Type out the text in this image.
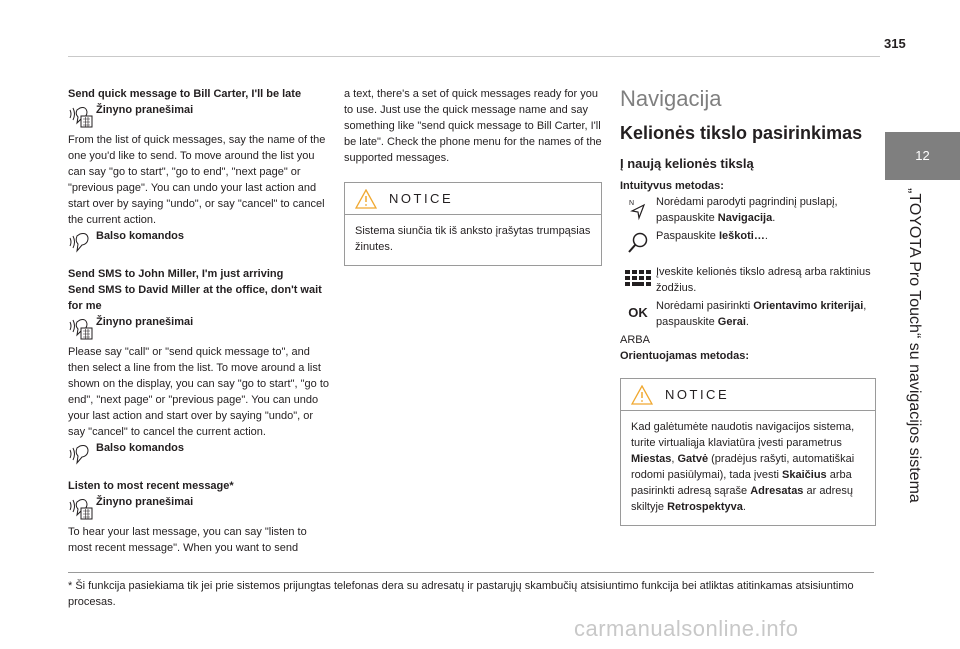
315
12
„TOYOTA Pro Touch“ su navigacijos sistema
Send quick message to Bill Carter, I'll be late
Žinyno pranešimai
From the list of quick messages, say the name of the one you'd like to send. To move around the list you can say "go to start", "go to end", "next page" or "previous page". You can undo your last action and start over by saying "undo", or say "cancel" to cancel the current action.
Balso komandos
Send SMS to John Miller, I'm just arriving
Send SMS to David Miller at the office, don't wait for me
Žinyno pranešimai
Please say "call" or "send quick message to", and then select a line from the list. To move around a list shown on the display, you can say "go to start", "go to end", "next page" or "previous page". You can undo your last action and start over by saying "undo", or say "cancel" to cancel the current action.
Balso komandos
Listen to most recent message*
Žinyno pranešimai
To hear your last message, you can say "listen to most recent message". When you want to send
a text, there's a set of quick messages ready for you to use. Just use the quick message name and say something like "send quick message to Bill Carter, I'll be late". Check the phone menu for the names of the supported messages.
NOTICE
Sistema siunčia tik iš anksto įrašytas trumpąsias žinutes.
Navigacija
Kelionės tikslo pasirinkimas
Į naują kelionės tikslą
Intuityvus metodas:
N Norėdami parodyti pagrindinį puslapį, paspauskite Navigacija.
Paspauskite Ieškoti….
Įveskite kelionės tikslo adresą arba raktinius žodžius.
OK Norėdami pasirinkti Orientavimo kriterijai, paspauskite Gerai.
ARBA
Orientuojamas metodas:
NOTICE
Kad galėtumėte naudotis navigacijos sistema, turite virtualiąja klaviatūra įvesti parametrus Miestas, Gatvė (pradėjus rašyti, automatiškai rodomi pasiūlymai), tada įvesti Skaičius arba pasirinkti adresą sąraše Adresatas ar adresų skiltyje Retrospektyva.
* Ši funkcija pasiekiama tik jei prie sistemos prijungtas telefonas dera su adresatų ir pastarųjų skambučių atsisiuntimo funkcija bei atliktas atitinkamas atsisiuntimo procesas.
carmanualsonline.info
